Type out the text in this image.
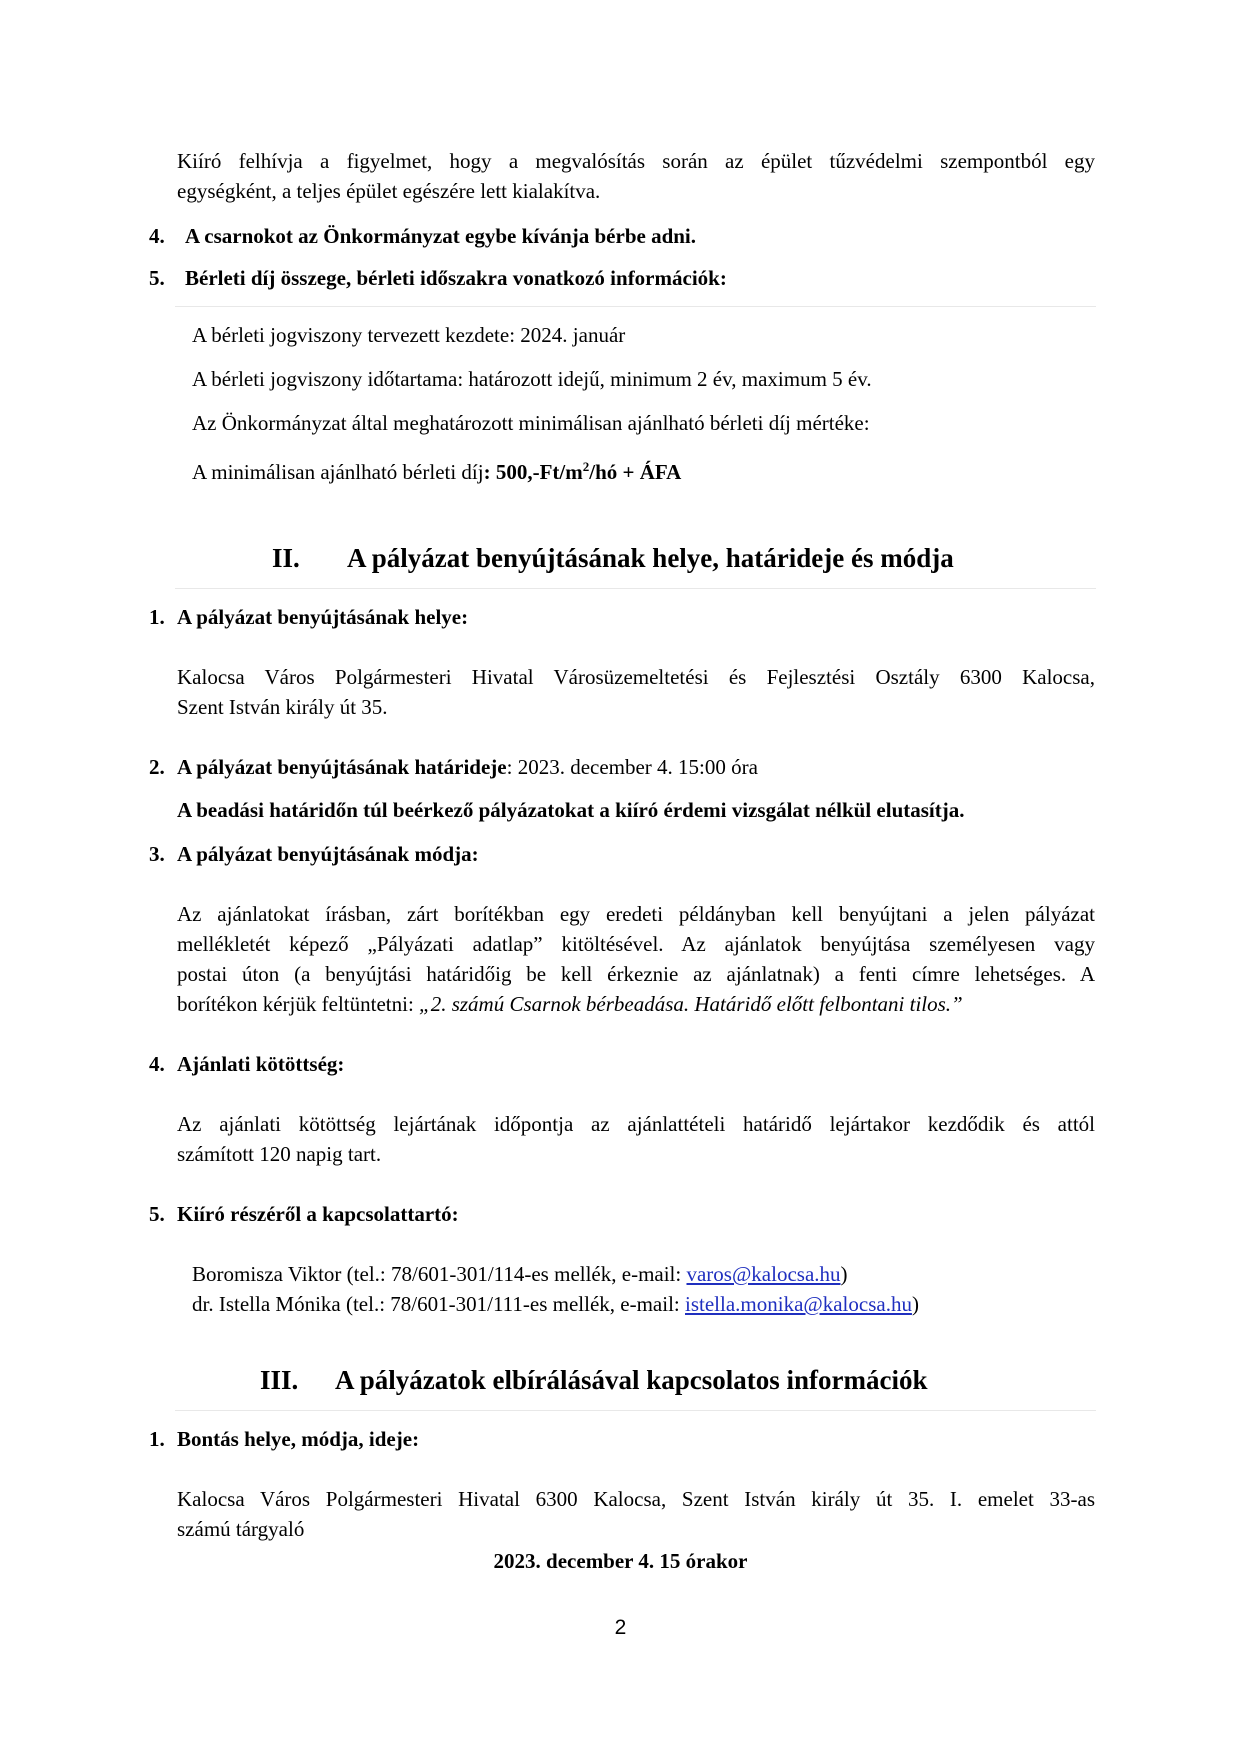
Kiíró felhívja a figyelmet, hogy a megvalósítás során az épület tűzvédelmi szempontból egy
egységként, a teljes épület egészére lett kialakítva.
4. A csarnokot az Önkormányzat egybe kívánja bérbe adni.
5. Bérleti díj összege, bérleti időszakra vonatkozó információk:
A bérleti jogviszony tervezett kezdete: 2024. január
A bérleti jogviszony időtartama: határozott idejű, minimum 2 év, maximum 5 év.
Az Önkormányzat által meghatározott minimálisan ajánlható bérleti díj mértéke:
A minimálisan ajánlható bérleti díj: $500,-Ft/m^2/hó$ + ÁFA
II. A pályázat benyújtásának helye, határideje és módja
1. A pályázat benyújtásának helye:
Kalocsa Város Polgármesteri Hivatal Városüzemeltetési és Fejlesztési Osztály 6300 Kalocsa,
Szent István király út 35.
2. A pályázat benyújtásának határideje: 2023. december 4. 15:00 óra
A beadási határidőn túl beérkező pályázatokat a kiíró érdemi vizsgálat nélkül elutasítja.
3. A pályázat benyújtásának módja:
Az ajánlatokat írásban, zárt borítékban egy eredeti példányban kell benyújtani a jelen pályázat
mellékletét képező „Pályázati adatlap” kitöltésével. Az ajánlatok benyújtása személyesen vagy
postai úton (a benyújtási határidőig be kell érkeznie az ajánlatnak) a fenti címre lehetséges. A
borítékon kérjük feltüntetni: „2. számú Csarnok bérbeadása. Határidő előtt felbontani tilos.”
4. Ajánlati kötöttség:
Az ajánlati kötöttség lejártának időpontja az ajánlattételi határidő lejártakor kezdődik és attól
számított 120 napig tart.
5. Kiíró részéről a kapcsolattartó:
Boromisza Viktor (tel.: 78/601-301/114-es mellék, e-mail: varos@kalocsa.hu)
dr. Istella Mónika (tel.: 78/601-301/111-es mellék, e-mail: istella.monika@kalocsa.hu)
III. A pályázatok elbírálásával kapcsolatos információk
1. Bontás helye, módja, ideje:
Kalocsa Város Polgármesteri Hivatal 6300 Kalocsa, Szent István király út 35. I. emelet 33-as
számú tárgyaló
2023. december 4. 15 órakor
2
